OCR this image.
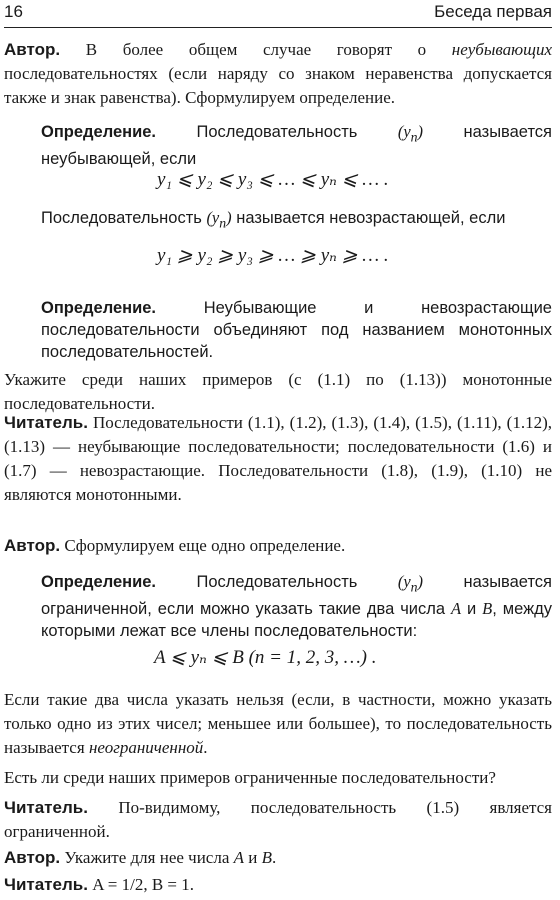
16	Беседа первая

Автор. В более общем случае говорят о неубывающих последовательностях (если наряду со знаком неравенства допускается также и знак равенства). Сформулируем определение.

Определение. Последовательность $(y_n)$ называется неубывающей, если

y₁ ⩽ y₂ ⩽ y₃ ⩽ … ⩽ yₙ ⩽ … .

Последовательность $(y_n)$ называется невозрастающей, если

y₁ ⩾ y₂ ⩾ y₃ ⩾ … ⩾ yₙ ⩾ … .

Определение. Неубывающие и невозрастающие последовательности объединяют под названием монотонных последовательностей.

Укажите среди наших примеров (с (1.1) по (1.13)) монотонные последовательности.

Читатель. Последовательности (1.1), (1.2), (1.3), (1.4), (1.5), (1.11), (1.12), (1.13) — неубывающие последовательности; последовательности (1.6) и (1.7) — невозрастающие. Последовательности (1.8), (1.9), (1.10) не являются монотонными.

Автор. Сформулируем еще одно определение.

Определение. Последовательность $(y_n)$ называется ограниченной, если можно указать такие два числа A и B, между которыми лежат все члены последовательности:

A ⩽ yₙ ⩽ B (n = 1, 2, 3, …) .

Если такие два числа указать нельзя (если, в частности, можно указать только одно из этих чисел; меньшее или большее), то последовательность называется неограниченной.

Есть ли среди наших примеров ограниченные последовательности?

Читатель. По-видимому, последовательность (1.5) является ограниченной.

Автор. Укажите для нее числа A и B.

Читатель. A = 1/2, B = 1.
